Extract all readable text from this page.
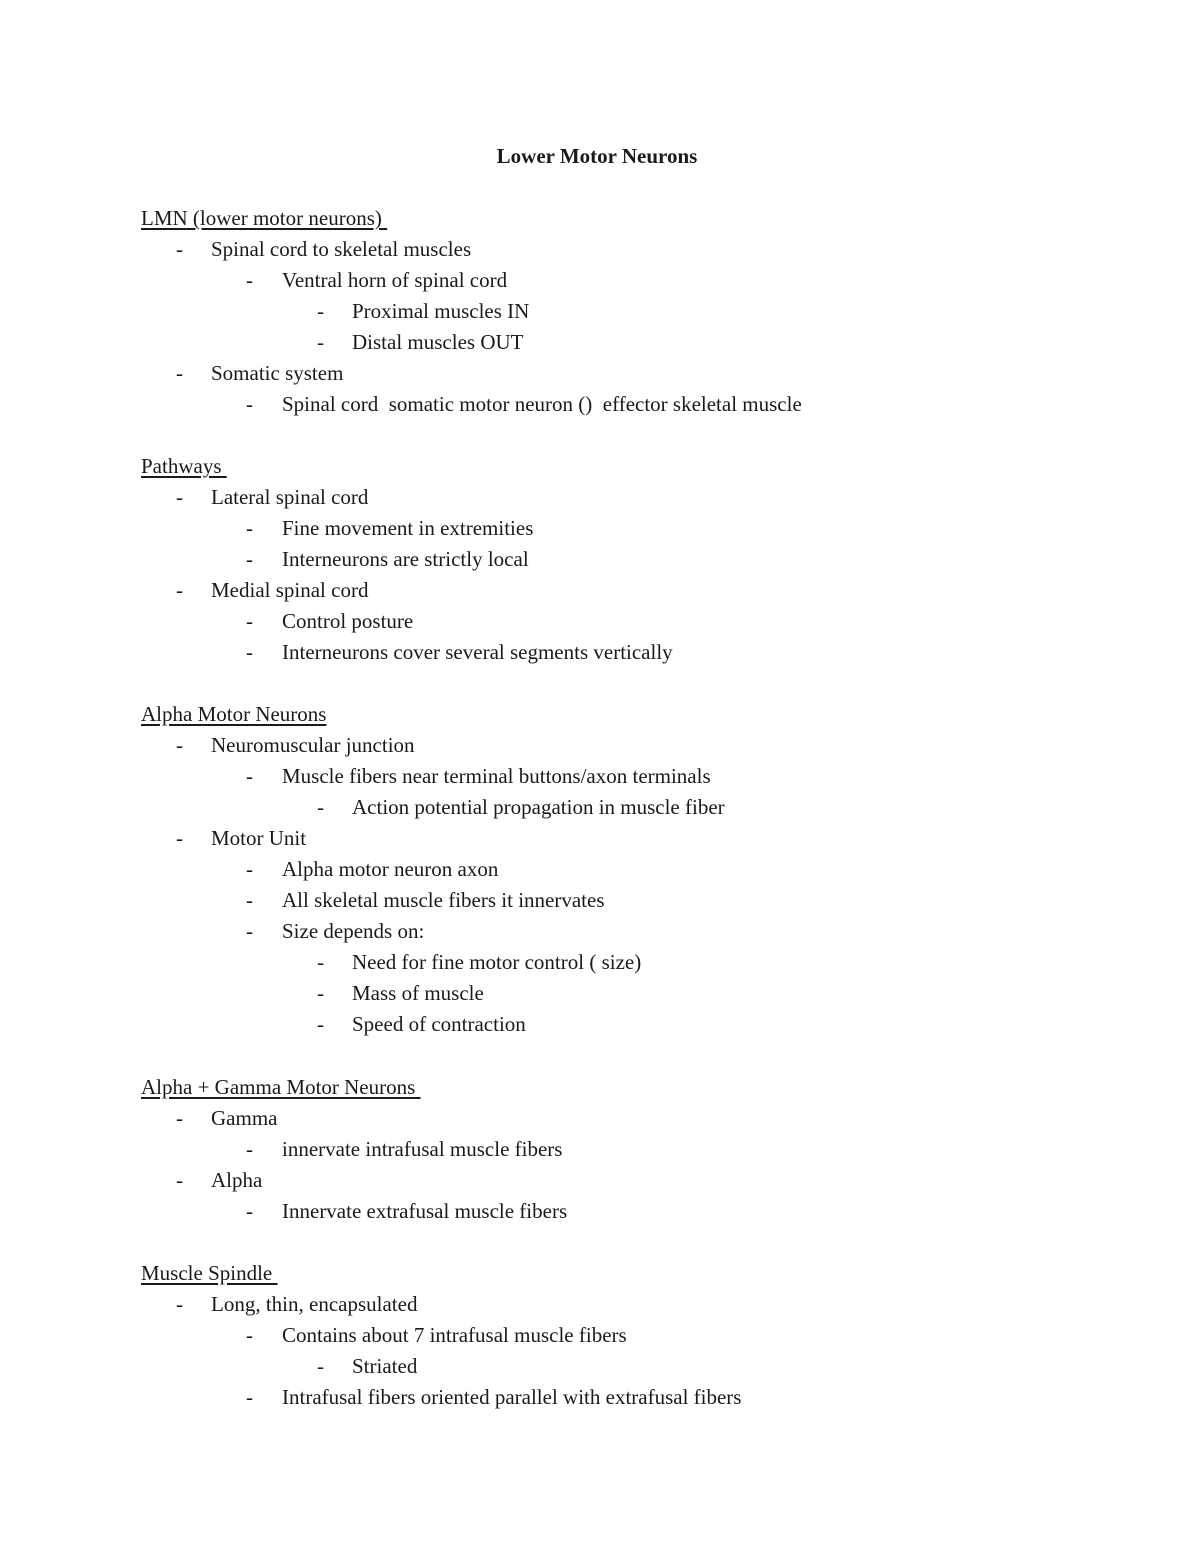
Lower Motor Neurons
LMN (lower motor neurons)
- Spinal cord to skeletal muscles
- Ventral horn of spinal cord
- Proximal muscles IN
- Distal muscles OUT
- Somatic system
- Spinal cord  somatic motor neuron ()  effector skeletal muscle
Pathways
- Lateral spinal cord
- Fine movement in extremities
- Interneurons are strictly local
- Medial spinal cord
- Control posture
- Interneurons cover several segments vertically
Alpha Motor Neurons
- Neuromuscular junction
- Muscle fibers near terminal buttons/axon terminals
- Action potential propagation in muscle fiber
- Motor Unit
- Alpha motor neuron axon
- All skeletal muscle fibers it innervates
- Size depends on:
- Need for fine motor control ( size)
- Mass of muscle
- Speed of contraction
Alpha + Gamma Motor Neurons
- Gamma
- innervate intrafusal muscle fibers
- Alpha
- Innervate extrafusal muscle fibers
Muscle Spindle
- Long, thin, encapsulated
- Contains about 7 intrafusal muscle fibers
- Striated
- Intrafusal fibers oriented parallel with extrafusal fibers
